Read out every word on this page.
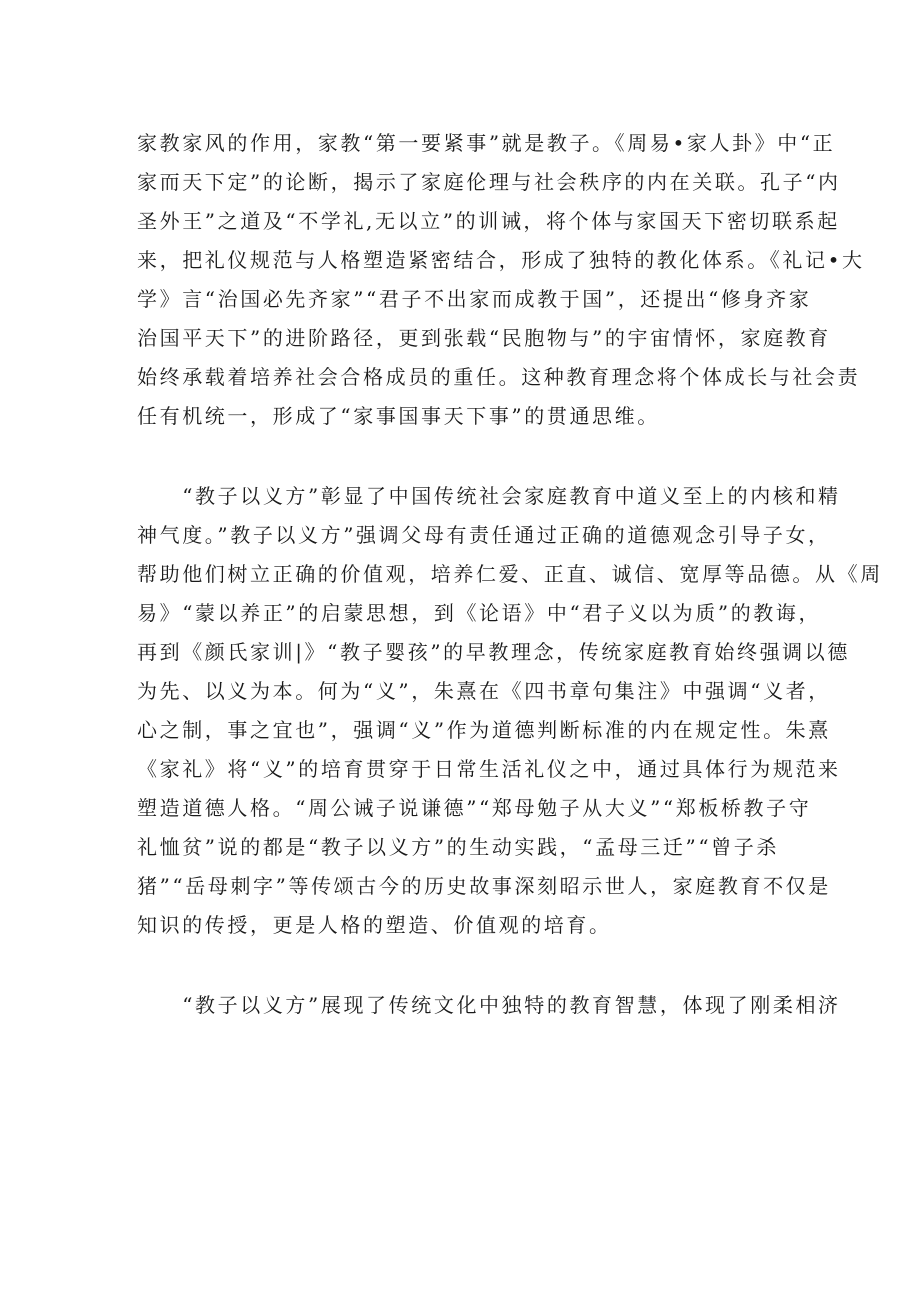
家教家风的作用，家教“第一要紧事”就是教子。《周易•家人卦》中“正
家而天下定”的论断，揭示了家庭伦理与社会秩序的内在关联。孔子“内
圣外王”之道及“不学礼,无以立”的训诫，将个体与家国天下密切联系起
来，把礼仪规范与人格塑造紧密结合，形成了独特的教化体系。《礼记•大
学》言“治国必先齐家”“君子不出家而成教于国”，还提出“修身齐家
治国平天下”的进阶路径，更到张载“民胞物与”的宇宙情怀，家庭教育
始终承载着培养社会合格成员的重任。这种教育理念将个体成长与社会责
任有机统一，形成了“家事国事天下事”的贯通思维。
　　“教子以义方”彰显了中国传统社会家庭教育中道义至上的内核和精
神气度。”教子以义方”强调父母有责任通过正确的道德观念引导子女，
帮助他们树立正确的价值观，培养仁爱、正直、诚信、宽厚等品德。从《周
易》“蒙以养正”的启蒙思想，到《论语》中“君子义以为质”的教诲，
再到《颜氏家训|》“教子婴孩”的早教理念，传统家庭教育始终强调以德
为先、以义为本。何为“义”，朱熹在《四书章句集注》中强调“义者，
心之制，事之宜也”，强调“义”作为道德判断标准的内在规定性。朱熹
《家礼》将“义”的培育贯穿于日常生活礼仪之中，通过具体行为规范来
塑造道德人格。“周公诫子说谦德”“郑母勉子从大义”“郑板桥教子守
礼恤贫”说的都是“教子以义方”的生动实践，“孟母三迁”“曾子杀
猪”“岳母刺字”等传颂古今的历史故事深刻昭示世人，家庭教育不仅是
知识的传授，更是人格的塑造、价值观的培育。
　　“教子以义方”展现了传统文化中独特的教育智慧，体现了刚柔相济
